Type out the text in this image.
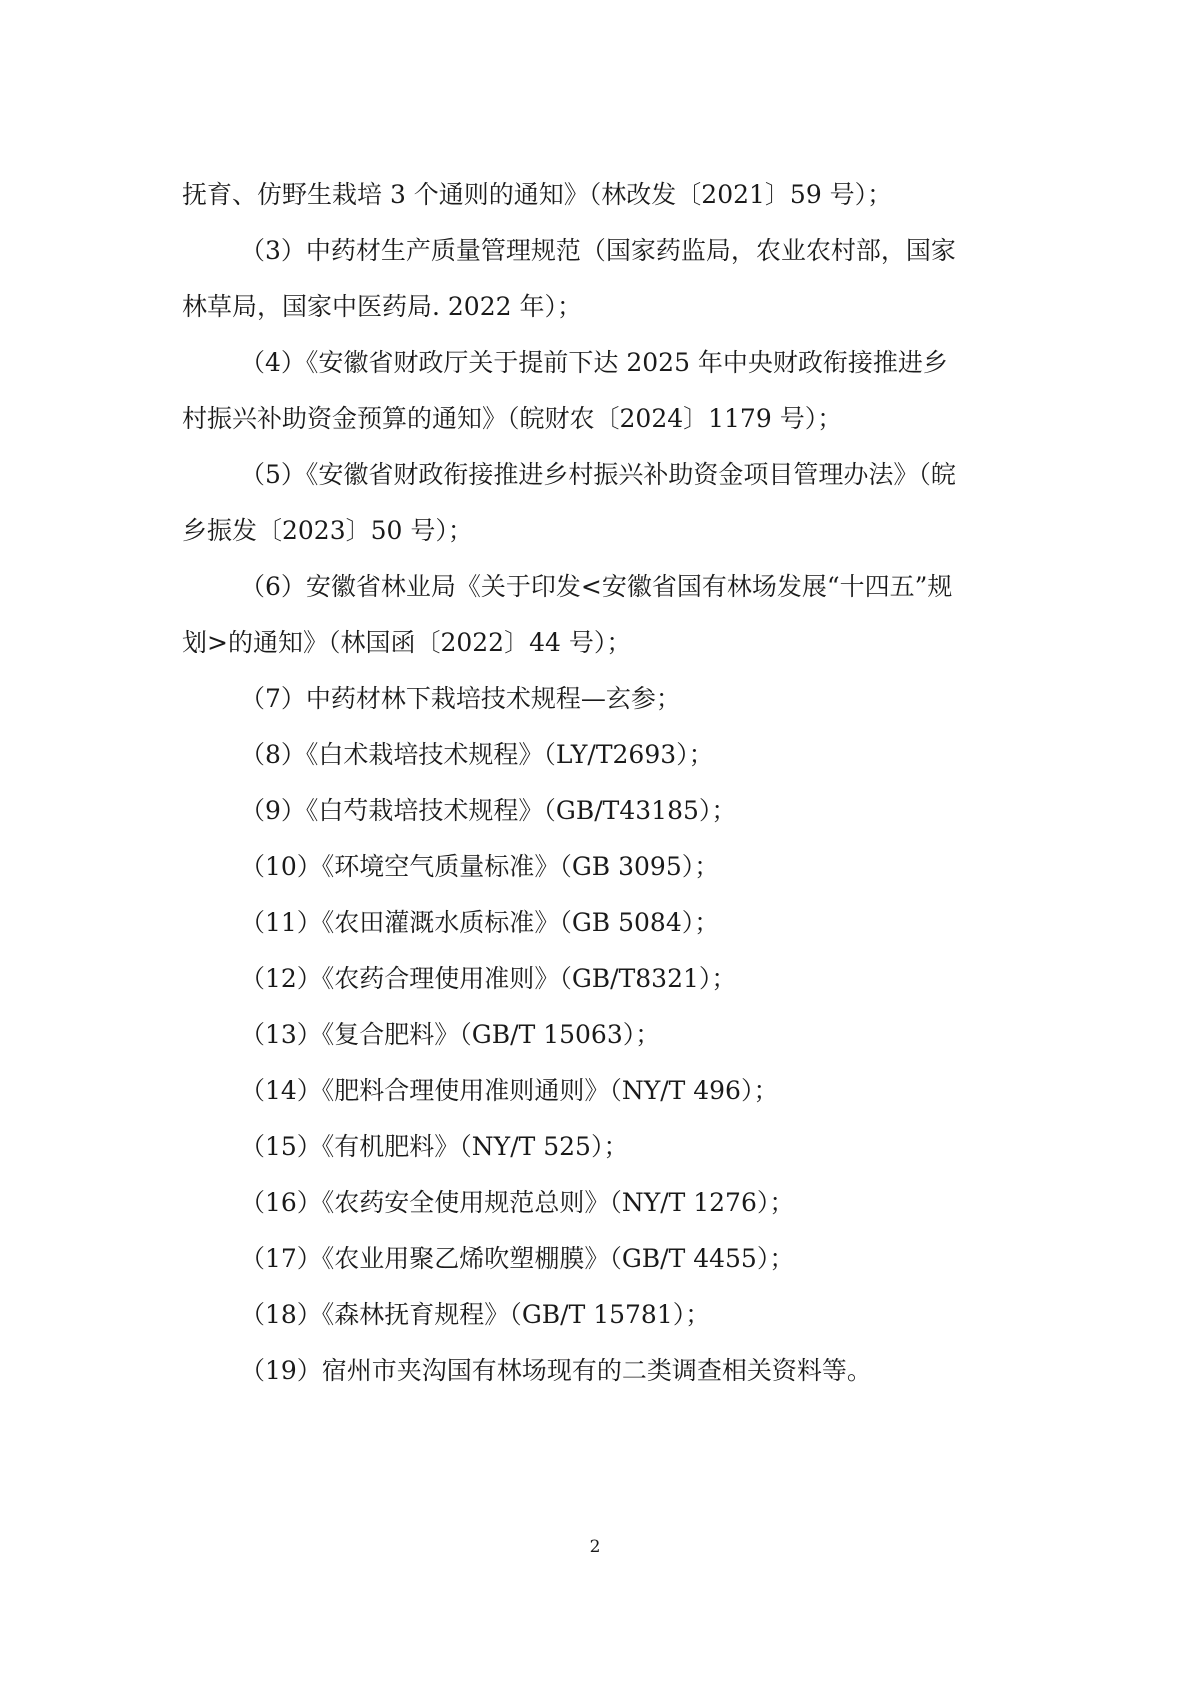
抚育、仿野生栽培 3 个通则的通知》（林改发〔2021〕59 号）；
（3）中药材生产质量管理规范（国家药监局，农业农村部，国家
林草局，国家中医药局. 2022 年）；
（4）《安徽省财政厅关于提前下达 2025 年中央财政衔接推进乡
村振兴补助资金预算的通知》（皖财农〔2024〕1179 号）；
（5）《安徽省财政衔接推进乡村振兴补助资金项目管理办法》（皖
乡振发〔2023〕50 号）；
（6）安徽省林业局《关于印发<安徽省国有林场发展“十四五”规
划>的通知》（林国函〔2022〕44 号）；
（7）中药材林下栽培技术规程—玄参；
（8）《白术栽培技术规程》（LY/T2693）；
（9）《白芍栽培技术规程》（GB/T43185）；
（10）《环境空气质量标准》（GB 3095）；
（11）《农田灌溉水质标准》（GB 5084）；
（12）《农药合理使用准则》（GB/T8321）；
（13）《复合肥料》（GB/T 15063）；
（14）《肥料合理使用准则通则》（NY/T 496）；
（15）《有机肥料》（NY/T 525）；
（16）《农药安全使用规范总则》（NY/T 1276）；
（17）《农业用聚乙烯吹塑棚膜》（GB/T 4455）；
（18）《森林抚育规程》（GB/T 15781）；
（19）宿州市夹沟国有林场现有的二类调查相关资料等。
2
